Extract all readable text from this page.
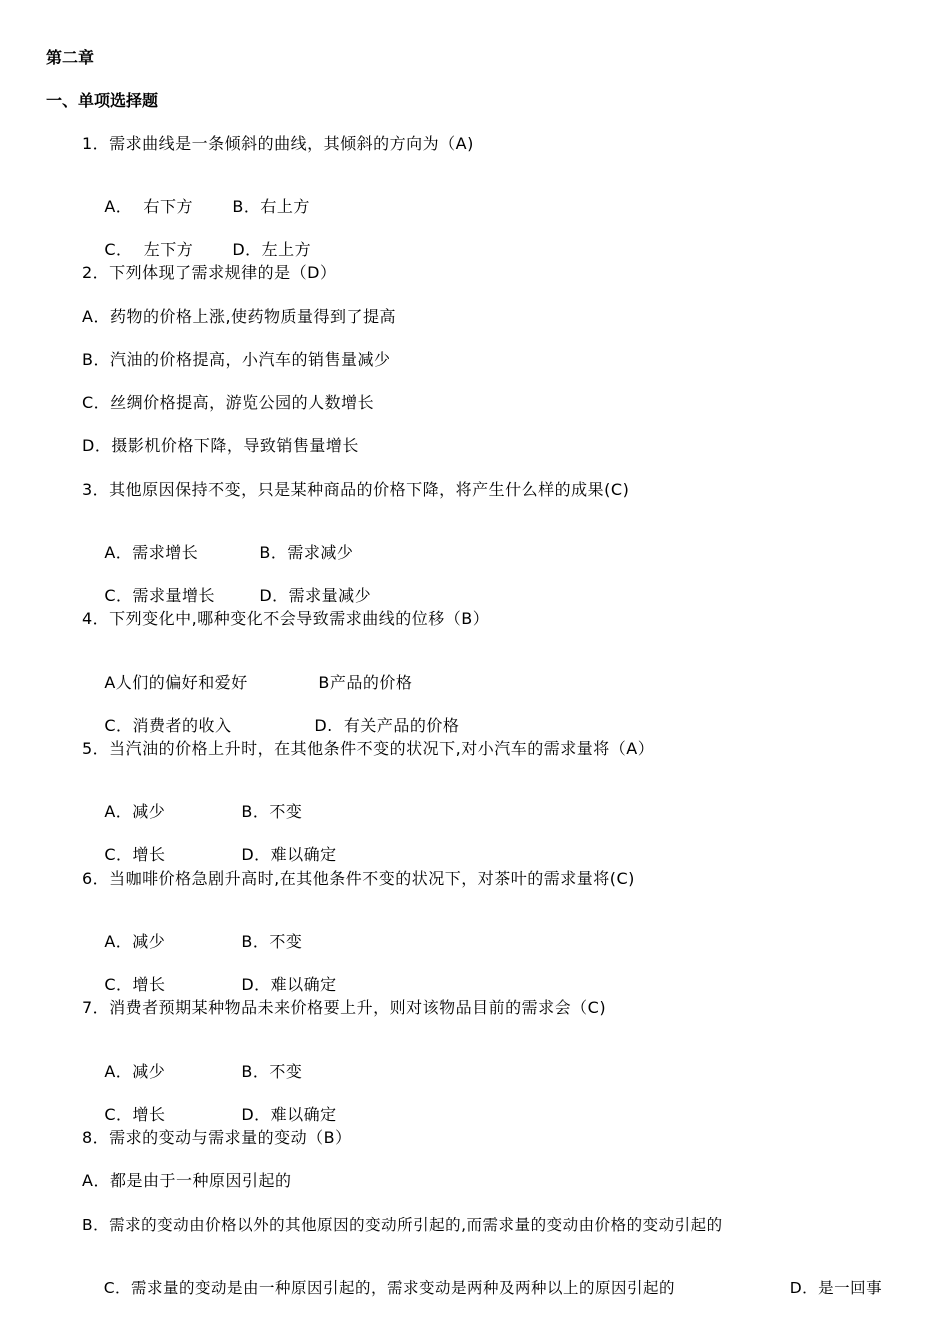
第二章
一、单项选择题
1．需求曲线是一条倾斜的曲线，其倾斜的方向为（A)

A．  右下方 B．右上方

C．  左下方 D．左上方

2．下列体现了需求规律的是（D）
A．药物的价格上涨,使药物质量得到了提高
B．汽油的价格提高，小汽车的销售量减少
C．丝绸价格提高，游览公园的人数增长
D．摄影机价格下降，导致销售量增长
3．其他原因保持不变，只是某种商品的价格下降，将产生什么样的成果(C)

A．需求增长	B．需求减少

C．需求量增长	D．需求量减少

4．下列变化中,哪种变化不会导致需求曲线的位移（B）

A人们的偏好和爱好	B产品的价格

C．消费者的收入	D.  有关产品的价格

5．当汽油的价格上升时，在其他条件不变的状况下,对小汽车的需求量将（A）

A．减少	B．不变

C．增长	D．难以确定

6．当咖啡价格急剧升高时,在其他条件不变的状况下，对茶叶的需求量将(C)

A．减少	B．不变

C．增长	D．难以确定

7．消费者预期某种物品未来价格要上升，则对该物品目前的需求会（C)

A．减少	B．不变

C．增长	D．难以确定

8．需求的变动与需求量的变动（B）
A．都是由于一种原因引起的
B．需求的变动由价格以外的其他原因的变动所引起的,而需求量的变动由价格的变动引起的

C．需求量的变动是由一种原因引起的，需求变动是两种及两种以上的原因引起的	D．是一回事
